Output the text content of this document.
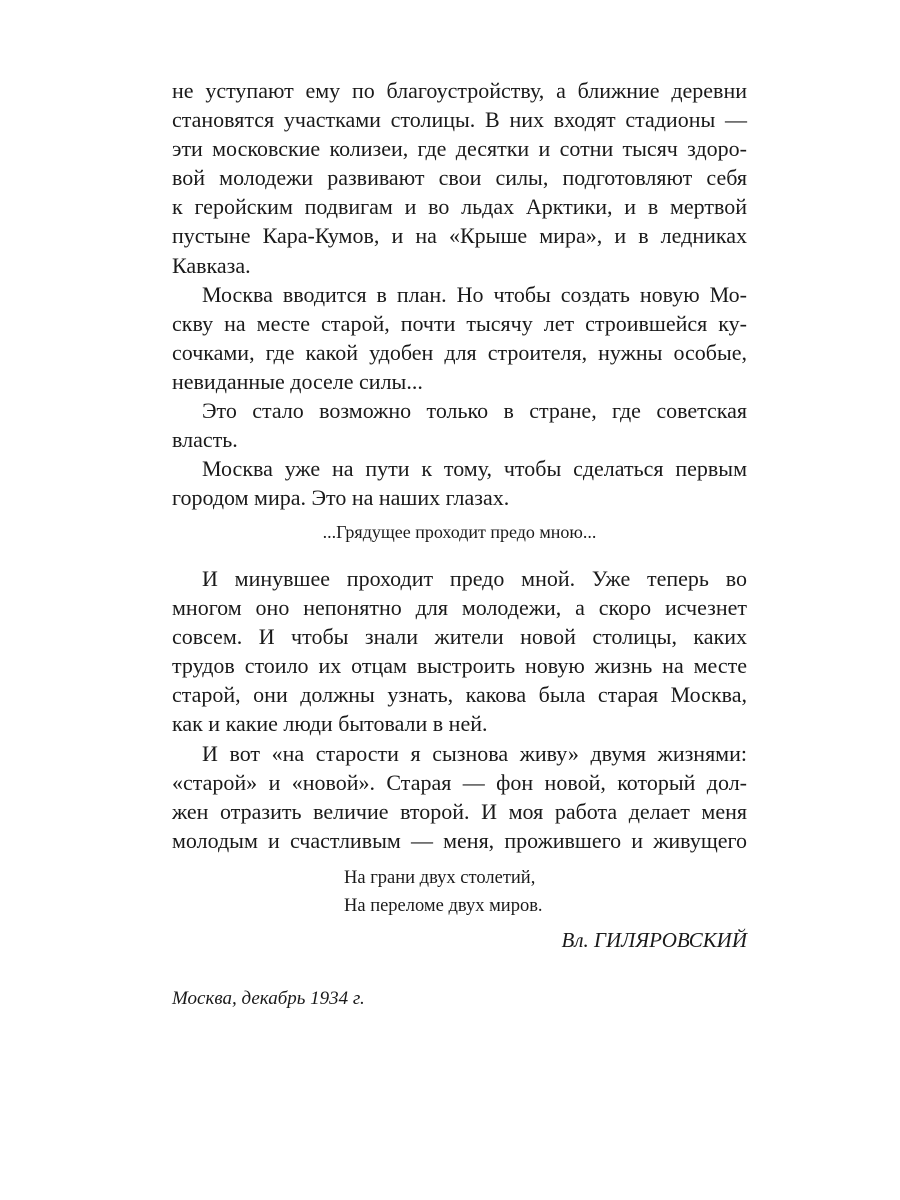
не уступают ему по благоустройству, а ближние деревни
становятся участками столицы. В них входят стадионы —
эти московские колизеи, где десятки и сотни тысяч здоро-
вой молодежи развивают свои силы, подготовляют себя
к геройским подвигам и во льдах Арктики, и в мертвой
пустыне Кара-Кумов, и на «Крыше мира», и в ледниках
Кавказа.
Москва вводится в план. Но чтобы создать новую Мо-
скву на месте старой, почти тысячу лет строившейся ку-
сочками, где какой удобен для строителя, нужны особые,
невиданные доселе силы...
Это стало возможно только в стране, где советская
власть.
Москва уже на пути к тому, чтобы сделаться первым
городом мира. Это на наших глазах.
...Грядущее проходит предо мною...
И минувшее проходит предо мной. Уже теперь во
многом оно непонятно для молодежи, а скоро исчезнет
совсем. И чтобы знали жители новой столицы, каких
трудов стоило их отцам выстроить новую жизнь на месте
старой, они должны узнать, какова была старая Москва,
как и какие люди бытовали в ней.
И вот «на старости я сызнова живу» двумя жизнями:
«старой» и «новой». Старая — фон новой, который дол-
жен отразить величие второй. И моя работа делает меня
молодым и счастливым — меня, прожившего и живущего
На грани двух столетий,
На переломе двух миров.
Вл. ГИЛЯРОВСКИЙ
Москва, декабрь 1934 г.
